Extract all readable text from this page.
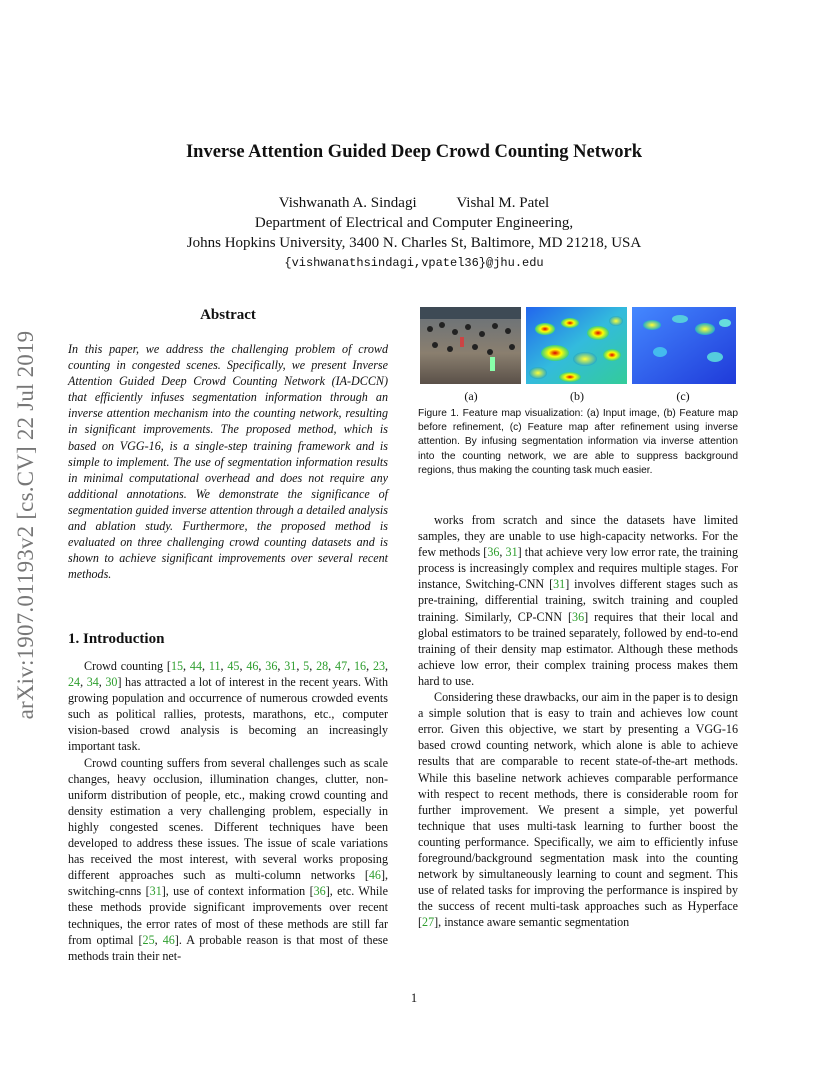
arXiv:1907.01193v2 [cs.CV] 22 Jul 2019
Inverse Attention Guided Deep Crowd Counting Network
Vishwanath A. Sindagi	Vishal M. Patel
Department of Electrical and Computer Engineering,
Johns Hopkins University, 3400 N. Charles St, Baltimore, MD 21218, USA
{vishwanathsindagi,vpatel36}@jhu.edu
Abstract
In this paper, we address the challenging problem of crowd counting in congested scenes. Specifically, we present Inverse Attention Guided Deep Crowd Counting Network (IA-DCCN) that efficiently infuses segmentation information through an inverse attention mechanism into the counting network, resulting in significant improvements. The proposed method, which is based on VGG-16, is a single-step training framework and is simple to implement. The use of segmentation information results in minimal computational overhead and does not require any additional annotations. We demonstrate the significance of segmentation guided inverse attention through a detailed analysis and ablation study. Furthermore, the proposed method is evaluated on three challenging crowd counting datasets and is shown to achieve significant improvements over several recent methods.
1. Introduction

Crowd counting [15, 44, 11, 45, 46, 36, 31, 5, 28, 47, 16, 23, 24, 34, 30] has attracted a lot of interest in the recent years. With growing population and occurrence of numerous crowded events such as political rallies, protests, marathons, etc., computer vision-based crowd analysis is becoming an increasingly important task.

Crowd counting suffers from several challenges such as scale changes, heavy occlusion, illumination changes, clutter, non-uniform distribution of people, etc., making crowd counting and density estimation a very challenging problem, especially in highly congested scenes. Different techniques have been developed to address these issues. The issue of scale variations has received the most interest, with several works proposing different approaches such as multi-column networks [46], switching-cnns [31], use of context information [36], etc. While these methods provide significant improvements over recent techniques, the error rates of most of these methods are still far from optimal [25, 46]. A probable reason is that most of these methods train their net-

(a)	(b)	(c)
Figure 1. Feature map visualization: (a) Input image, (b) Feature map before refinement, (c) Feature map after refinement using inverse attention. By infusing segmentation information via inverse attention into the counting network, we are able to suppress background regions, thus making the counting task much easier.

works from scratch and since the datasets have limited samples, they are unable to use high-capacity networks. For the few methods [36, 31] that achieve very low error rate, the training process is increasingly complex and requires multiple stages. For instance, Switching-CNN [31] involves different stages such as pre-training, differential training, switch training and coupled training. Similarly, CP-CNN [36] requires that their local and global estimators to be trained separately, followed by end-to-end training of their density map estimator. Although these methods achieve low error, their complex training process makes them hard to use.

Considering these drawbacks, our aim in the paper is to design a simple solution that is easy to train and achieves low count error. Given this objective, we start by presenting a VGG-16 based crowd counting network, which alone is able to achieve results that are comparable to recent state-of-the-art methods. While this baseline network achieves comparable performance with respect to recent methods, there is considerable room for further improvement. We present a simple, yet powerful technique that uses multi-task learning to further boost the counting performance. Specifically, we aim to efficiently infuse foreground/background segmentation mask into the counting network by simultaneously learning to count and segment. This use of related tasks for improving the performance is inspired by the success of recent multi-task approaches such as Hyperface [27], instance aware semantic segmentation

1
